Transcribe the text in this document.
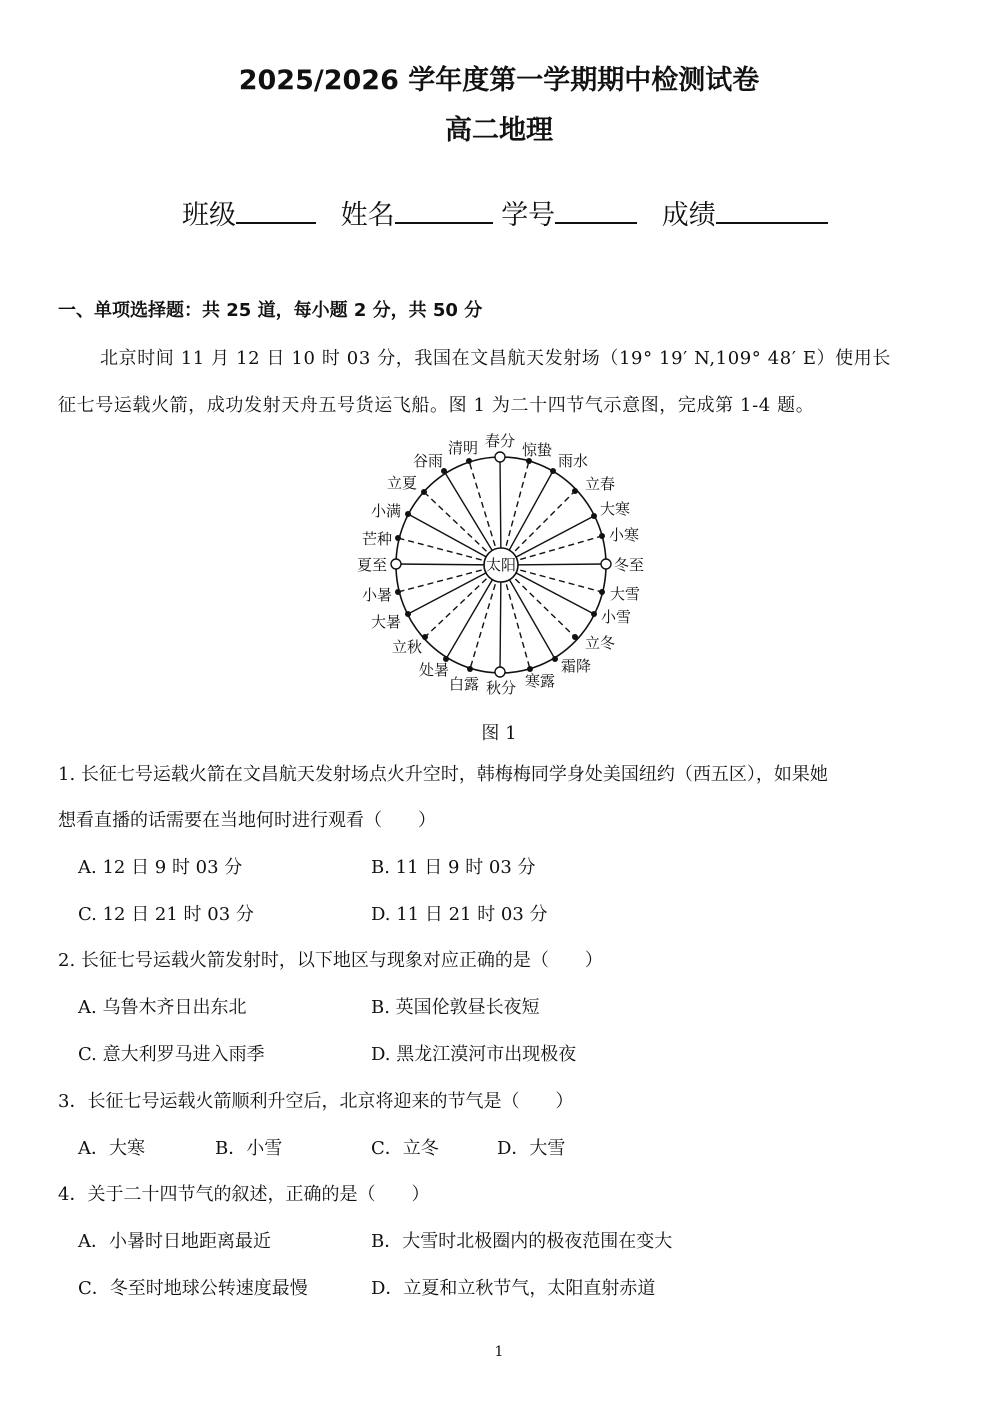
2025/2026 学年度第一学期期中检测试卷
高二地理
班级	姓名	学号	成绩
一、单项选择题：共 25 道，每小题 2 分，共 50 分
北京时间 11 月 12 日 10 时 03 分，我国在文昌航天发射场（19° 19′ N,109° 48′ E）使用长
征七号运载火箭，成功发射天舟五号货运飞船。图 1 为二十四节气示意图，完成第 1-4 题。
太阳
春分 惊蛰
雨水
立春
大寒
小寒
冬至
大雪
小雪
立冬
霜降
寒露
秋分
白露
处暑
立秋
大暑
小暑
夏至
芒种
小满
立夏
谷雨
清明
图 1
1. 长征七号运载火箭在文昌航天发射场点火升空时，韩梅梅同学身处美国纽约（西五区），如果她
想看直播的话需要在当地何时进行观看（　　）
A. 12 日 9 时 03 分	B. 11 日 9 时 03 分
C. 12 日 21 时 03 分	D. 11 日 21 时 03 分
2. 长征七号运载火箭发射时，以下地区与现象对应正确的是（　　）
A. 乌鲁木齐日出东北	B. 英国伦敦昼长夜短
C. 意大利罗马进入雨季	D. 黑龙江漠河市出现极夜
3．长征七号运载火箭顺利升空后，北京将迎来的节气是（　　）
A．大寒	B．小雪	C．立冬	D．大雪
4．关于二十四节气的叙述，正确的是（　　）
A．小暑时日地距离最近	B．大雪时北极圈内的极夜范围在变大
C．冬至时地球公转速度最慢	D．立夏和立秋节气，太阳直射赤道
1
